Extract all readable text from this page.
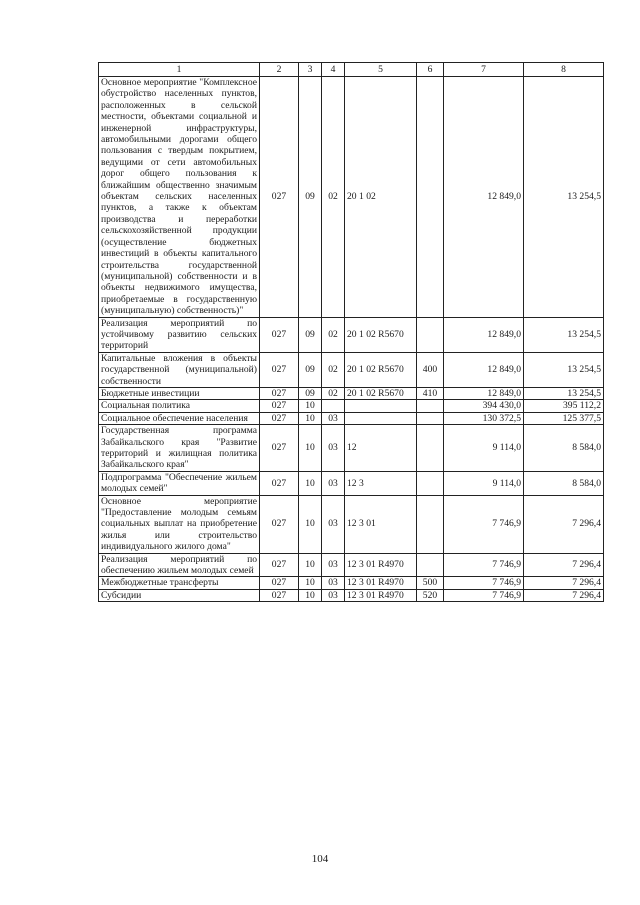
1	2	3	4	5	6	7	8
Основное мероприятие "Комплексное обустройство населенных пунктов, расположенных в сельской местности, объектами социальной и инженерной инфраструктуры, автомобильными дорогами общего пользования с твердым покрытием, ведущими от сети автомобильных дорог общего пользования к ближайшим общественно значимым объектам сельских населенных пунктов, а также к объектам производства и переработки сельскохозяйственной продукции (осуществление бюджетных инвестиций в объекты капитального строительства государственной (муниципальной) собственности и в объекты недвижимого имущества, приобретаемые в государственную (муниципальную) собственность)"	027	09	02	20 1 02		12 849,0	13 254,5
Реализация мероприятий по устойчивому развитию сельских территорий	027	09	02	20 1 02 R5670		12 849,0	13 254,5
Капитальные вложения в объекты государственной (муниципальной) собственности	027	09	02	20 1 02 R5670	400	12 849,0	13 254,5
Бюджетные инвестиции	027	09	02	20 1 02 R5670	410	12 849,0	13 254,5
Социальная политика	027	10				394 430,0	395 112,2
Социальное обеспечение населения	027	10	03			130 372,5	125 377,5
Государственная программа Забайкальского края "Развитие территорий и жилищная политика Забайкальского края"	027	10	03	12		9 114,0	8 584,0
Подпрограмма "Обеспечение жильем молодых семей"	027	10	03	12 3		9 114,0	8 584,0
Основное мероприятие "Предоставление молодым семьям социальных выплат на приобретение жилья или строительство индивидуального жилого дома"	027	10	03	12 3 01		7 746,9	7 296,4
Реализация мероприятий по обеспечению жильем молодых семей	027	10	03	12 3 01 R4970		7 746,9	7 296,4
Межбюджетные трансферты	027	10	03	12 3 01 R4970	500	7 746,9	7 296,4
Субсидии	027	10	03	12 3 01 R4970	520	7 746,9	7 296,4
104
